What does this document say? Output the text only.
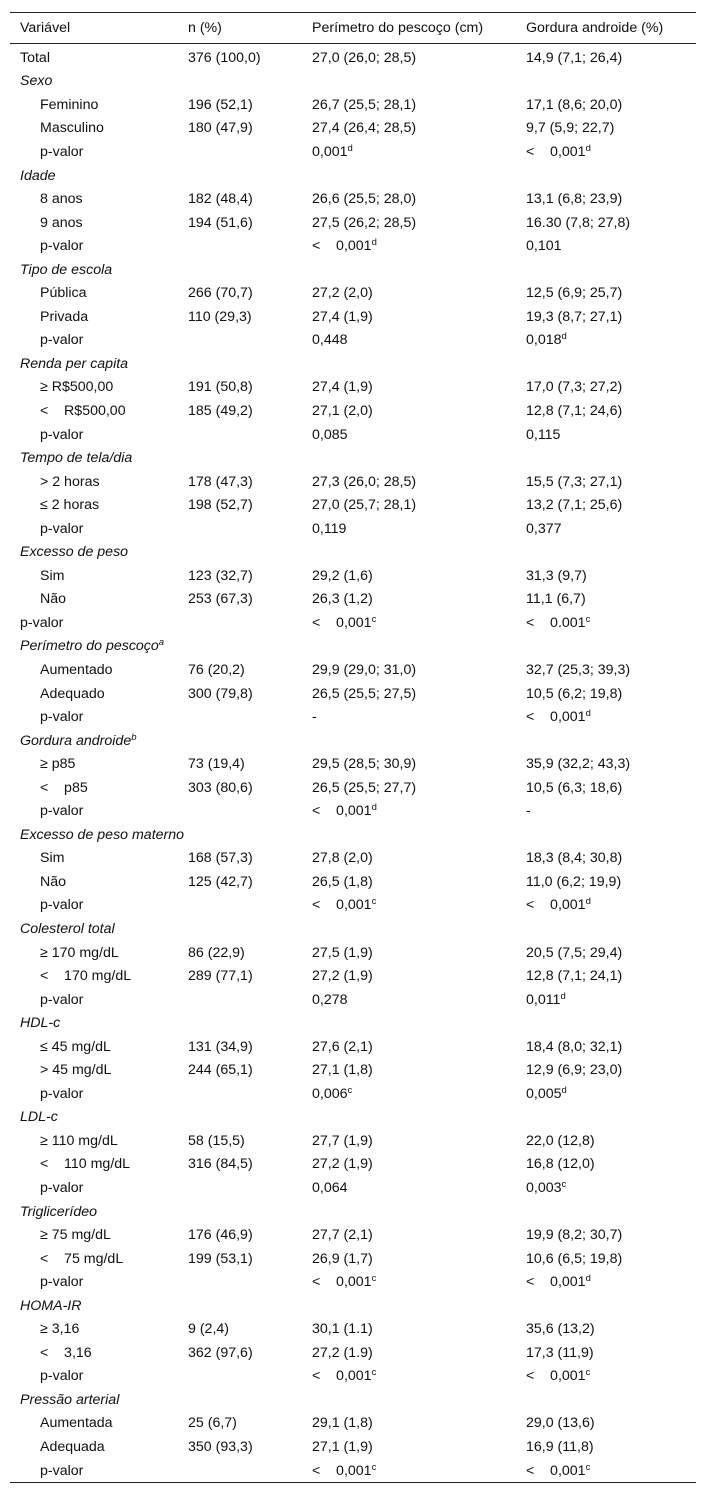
Variável	n (%)	Perímetro do pescoço (cm)	Gordura androide (%)
Total	376 (100,0)	27,0 (26,0; 28,5)	14,9 (7,1; 26,4)
Sexo			
Feminino	196 (52,1)	26,7 (25,5; 28,1)	17,1 (8,6; 20,0)
Masculino	180 (47,9)	27,4 (26,4; 28,5)	9,7 (5,9; 22,7)
p-valor		0,001$^d$	<    0,001$^d$
Idade			
8 anos	182 (48,4)	26,6 (25,5; 28,0)	13,1 (6,8; 23,9)
9 anos	194 (51,6)	27,5 (26,2; 28,5)	16.30 (7,8; 27,8)
p-valor		<    0,001$^d$	0,101
Tipo de escola			
Pública	266 (70,7)	27,2 (2,0)	12,5 (6,9; 25,7)
Privada	110 (29,3)	27,4 (1,9)	19,3 (8,7; 27,1)
p-valor		0,448	0,018$^d$
Renda per capita			
≥ R$500,00	191 (50,8)	27,4 (1,9)	17,0 (7,3; 27,2)
<    R$500,00	185 (49,2)	27,1 (2,0)	12,8 (7,1; 24,6)
p-valor		0,085	0,115
Tempo de tela/dia			
> 2 horas	178 (47,3)	27,3 (26,0; 28,5)	15,5 (7,3; 27,1)
≤ 2 horas	198 (52,7)	27,0 (25,7; 28,1)	13,2 (7,1; 25,6)
p-valor		0,119	0,377
Excesso de peso			
Sim	123 (32,7)	29,2 (1,6)	31,3 (9,7)
Não	253 (67,3)	26,3 (1,2)	11,1 (6,7)
p-valor		<    0,001$^c$	<    0.001$^c$
Perímetro do pescoço$^a$
Aumentado	76 (20,2)	29,9 (29,0; 31,0)	32,7 (25,3; 39,3)
Adequado	300 (79,8)	26,5 (25,5; 27,5)	10,5 (6,2; 19,8)
p-valor		-	<    0,001$^d$
Gordura androide$^b$
≥ p85	73 (19,4)	29,5 (28,5; 30,9)	35,9 (32,2; 43,3)
<    p85	303 (80,6)	26,5 (25,5; 27,7)	10,5 (6,3; 18,6)
p-valor		<    0,001$^d$	-
Excesso de peso materno			
Sim	168 (57,3)	27,8 (2,0)	18,3 (8,4; 30,8)
Não	125 (42,7)	26,5 (1,8)	11,0 (6,2; 19,9)
p-valor		<    0,001$^c$	<    0,001$^d$
Colesterol total			
≥ 170 mg/dL	86 (22,9)	27,5 (1,9)	20,5 (7,5; 29,4)
<    170 mg/dL	289 (77,1)	27,2 (1,9)	12,8 (7,1; 24,1)
p-valor		0,278	0,011$^d$
HDL-c			
≤ 45 mg/dL	131 (34,9)	27,6 (2,1)	18,4 (8,0; 32,1)
> 45 mg/dL	244 (65,1)	27,1 (1,8)	12,9 (6,9; 23,0)
p-valor		0,006$^c$	0,005$^d$
LDL-c			
≥ 110 mg/dL	58 (15,5)	27,7 (1,9)	22,0 (12,8)
<    110 mg/dL	316 (84,5)	27,2 (1,9)	16,8 (12,0)
p-valor		0,064	0,003$^c$
Triglicerídeo			
≥ 75 mg/dL	176 (46,9)	27,7 (2,1)	19,9 (8,2; 30,7)
<    75 mg/dL	199 (53,1)	26,9 (1,7)	10,6 (6,5; 19,8)
p-valor		<    0,001$^c$	<    0,001$^d$
HOMA-IR			
≥ 3,16	9 (2,4)	30,1 (1.1)	35,6 (13,2)
<    3,16	362 (97,6)	27,2 (1.9)	17,3 (11,9)
p-valor		<    0,001$^c$	<    0,001$^c$
Pressão arterial			
Aumentada	25 (6,7)	29,1 (1,8)	29,0 (13,6)
Adequada	350 (93,3)	27,1 (1,9)	16,9 (11,8)
p-valor		<    0,001$^c$	<    0,001$^c$
